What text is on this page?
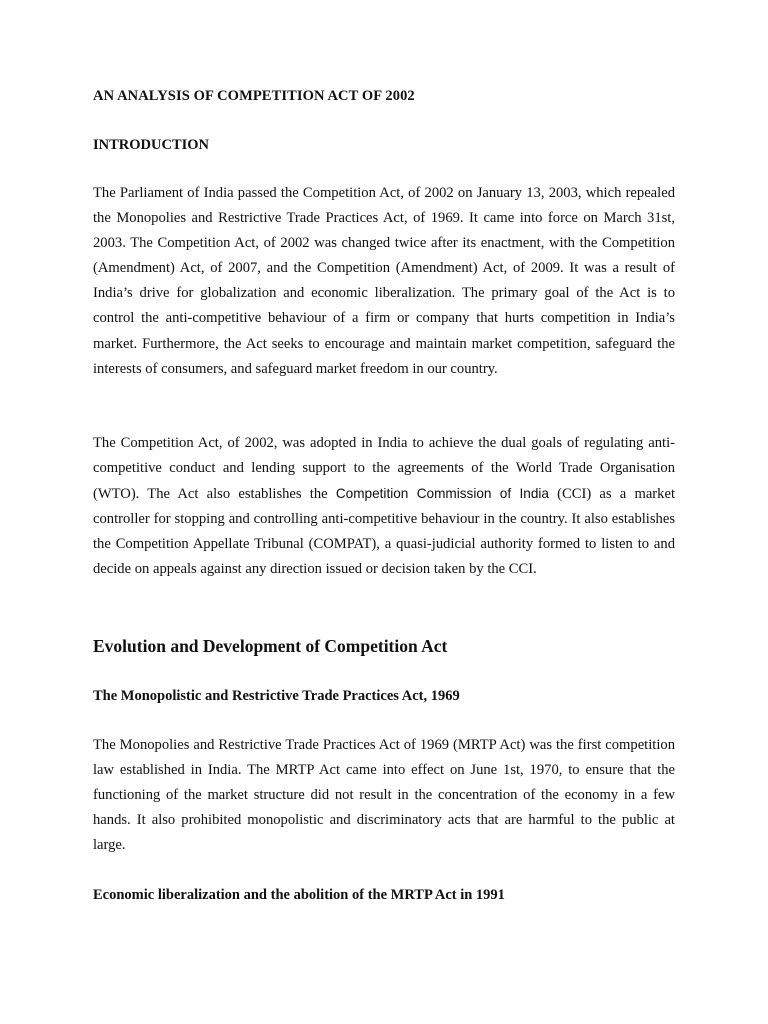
AN ANALYSIS OF COMPETITION ACT OF 2002
INTRODUCTION

The Parliament of India passed the Competition Act, of 2002 on January 13, 2003, which repealed the Monopolies and Restrictive Trade Practices Act, of 1969. It came into force on March 31st, 2003. The Competition Act, of 2002 was changed twice after its enactment, with the Competition (Amendment) Act, of 2007, and the Competition (Amendment) Act, of 2009. It was a result of India’s drive for globalization and economic liberalization. The primary goal of the Act is to control the anti-competitive behaviour of a firm or company that hurts competition in India’s market. Furthermore, the Act seeks to encourage and maintain market competition, safeguard the interests of consumers, and safeguard market freedom in our country.

The Competition Act, of 2002, was adopted in India to achieve the dual goals of regulating anti-competitive conduct and lending support to the agreements of the World Trade Organisation (WTO). The Act also establishes the Competition Commission of India (CCI) as a market controller for stopping and controlling anti-competitive behaviour in the country. It also establishes the Competition Appellate Tribunal (COMPAT), a quasi-judicial authority formed to listen to and decide on appeals against any direction issued or decision taken by the CCI.

Evolution and Development of Competition Act
The Monopolistic and Restrictive Trade Practices Act, 1969

The Monopolies and Restrictive Trade Practices Act of 1969 (MRTP Act) was the first competition law established in India. The MRTP Act came into effect on June 1st, 1970, to ensure that the functioning of the market structure did not result in the concentration of the economy in a few hands. It also prohibited monopolistic and discriminatory acts that are harmful to the public at large.

Economic liberalization and the abolition of the MRTP Act in 1991
